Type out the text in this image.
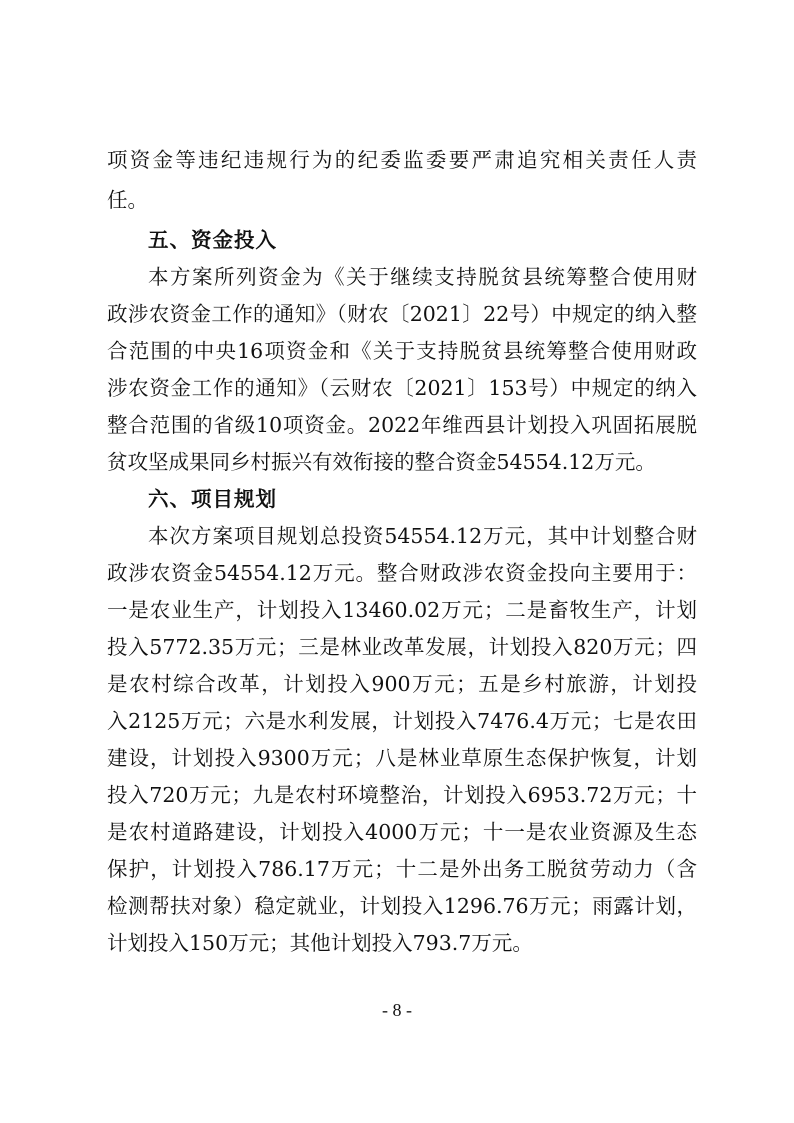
项资金等违纪违规行为的纪委监委要严肃追究相关责任人责
任。
五、资金投入
本方案所列资金为《关于继续支持脱贫县统筹整合使用财
政涉农资金工作的通知》（财农〔2021〕22号）中规定的纳入整
合范围的中央16项资金和《关于支持脱贫县统筹整合使用财政
涉农资金工作的通知》（云财农〔2021〕153号）中规定的纳入
整合范围的省级10项资金。2022年维西县计划投入巩固拓展脱
贫攻坚成果同乡村振兴有效衔接的整合资金54554.12万元。
六、项目规划
本次方案项目规划总投资54554.12万元，其中计划整合财
政涉农资金54554.12万元。整合财政涉农资金投向主要用于：
一是农业生产，计划投入13460.02万元；二是畜牧生产，计划
投入5772.35万元；三是林业改革发展，计划投入820万元；四
是农村综合改革，计划投入900万元；五是乡村旅游，计划投
入2125万元；六是水利发展，计划投入7476.4万元；七是农田
建设，计划投入9300万元；八是林业草原生态保护恢复，计划
投入720万元；九是农村环境整治，计划投入6953.72万元；十
是农村道路建设，计划投入4000万元；十一是农业资源及生态
保护，计划投入786.17万元；十二是外出务工脱贫劳动力（含
检测帮扶对象）稳定就业，计划投入1296.76万元；雨露计划，
计划投入150万元；其他计划投入793.7万元。
- 8 -
